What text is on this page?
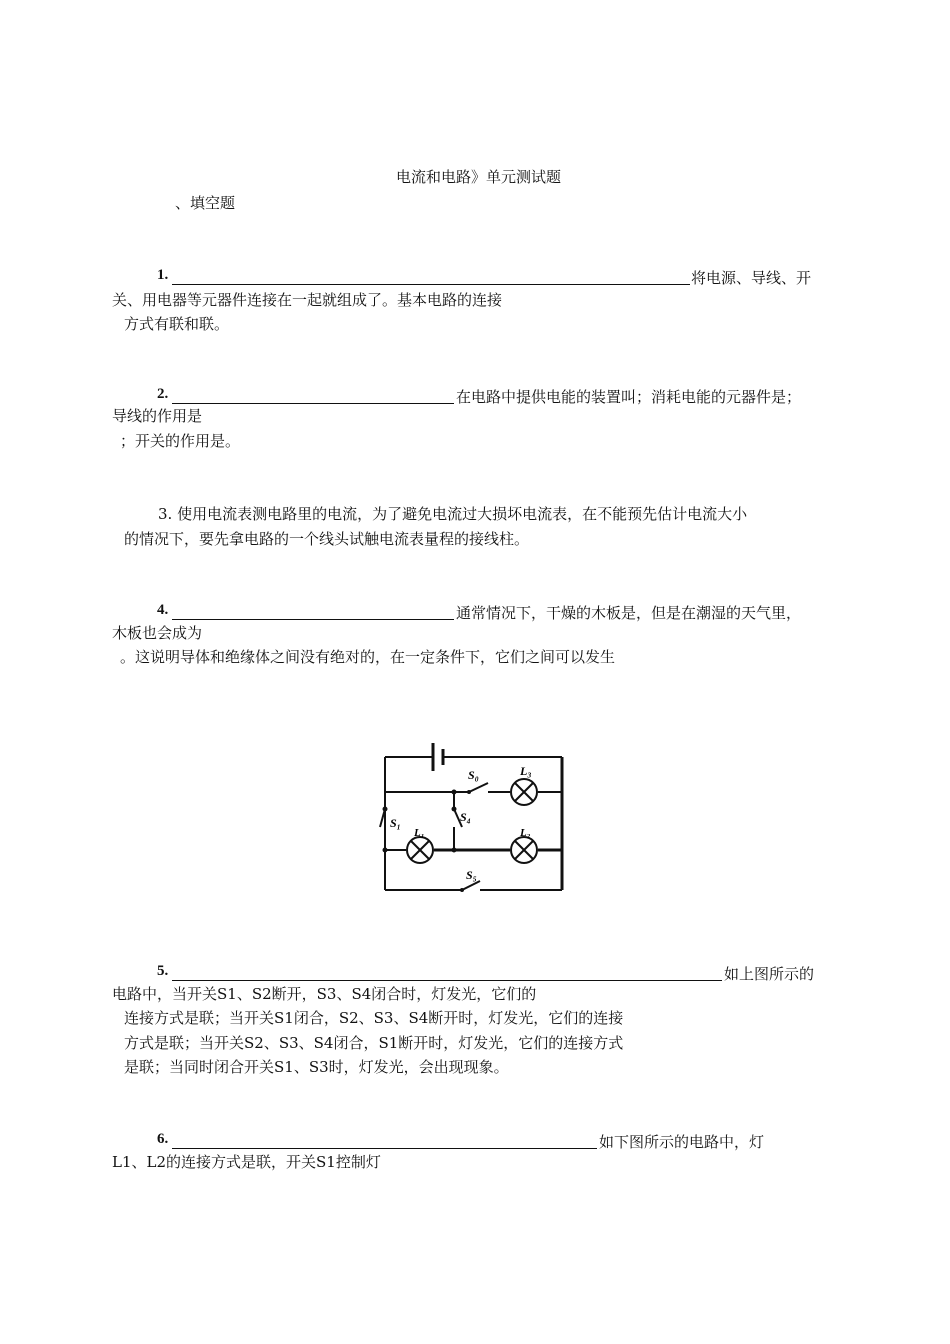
电流和电路》单元测试题
、填空题
1.	将电源、导线、开
关、用电器等元器件连接在一起就组成了。基本电路的连接
方式有联和联。
2.	在电路中提供电能的装置叫；消耗电能的元器件是；
导线的作用是
；开关的作用是。
3. 使用电流表测电路里的电流，为了避免电流过大损坏电流表，在不能预先估计电流大小
的情况下，要先拿电路的一个线头试触电流表量程的接线柱。
4.	通常情况下，干燥的木板是，但是在潮湿的天气里，
木板也会成为
。这说明导体和绝缘体之间没有绝对的，在一定条件下，它们之间可以发生
S₀	L₃
S₁	S₄
L₁	L₂
S₅
5.	如上图所示的
电路中，当开关S1、S2断开，S3、S4闭合时，灯发光，它们的
连接方式是联；当开关S1闭合，S2、S3、S4断开时，灯发光，它们的连接
方式是联；当开关S2、S3、S4闭合，S1断开时，灯发光，它们的连接方式
是联；当同时闭合开关S1、S3时，灯发光，会出现现象。
6.	如下图所示的电路中，灯
L1、L2的连接方式是联，开关S1控制灯
